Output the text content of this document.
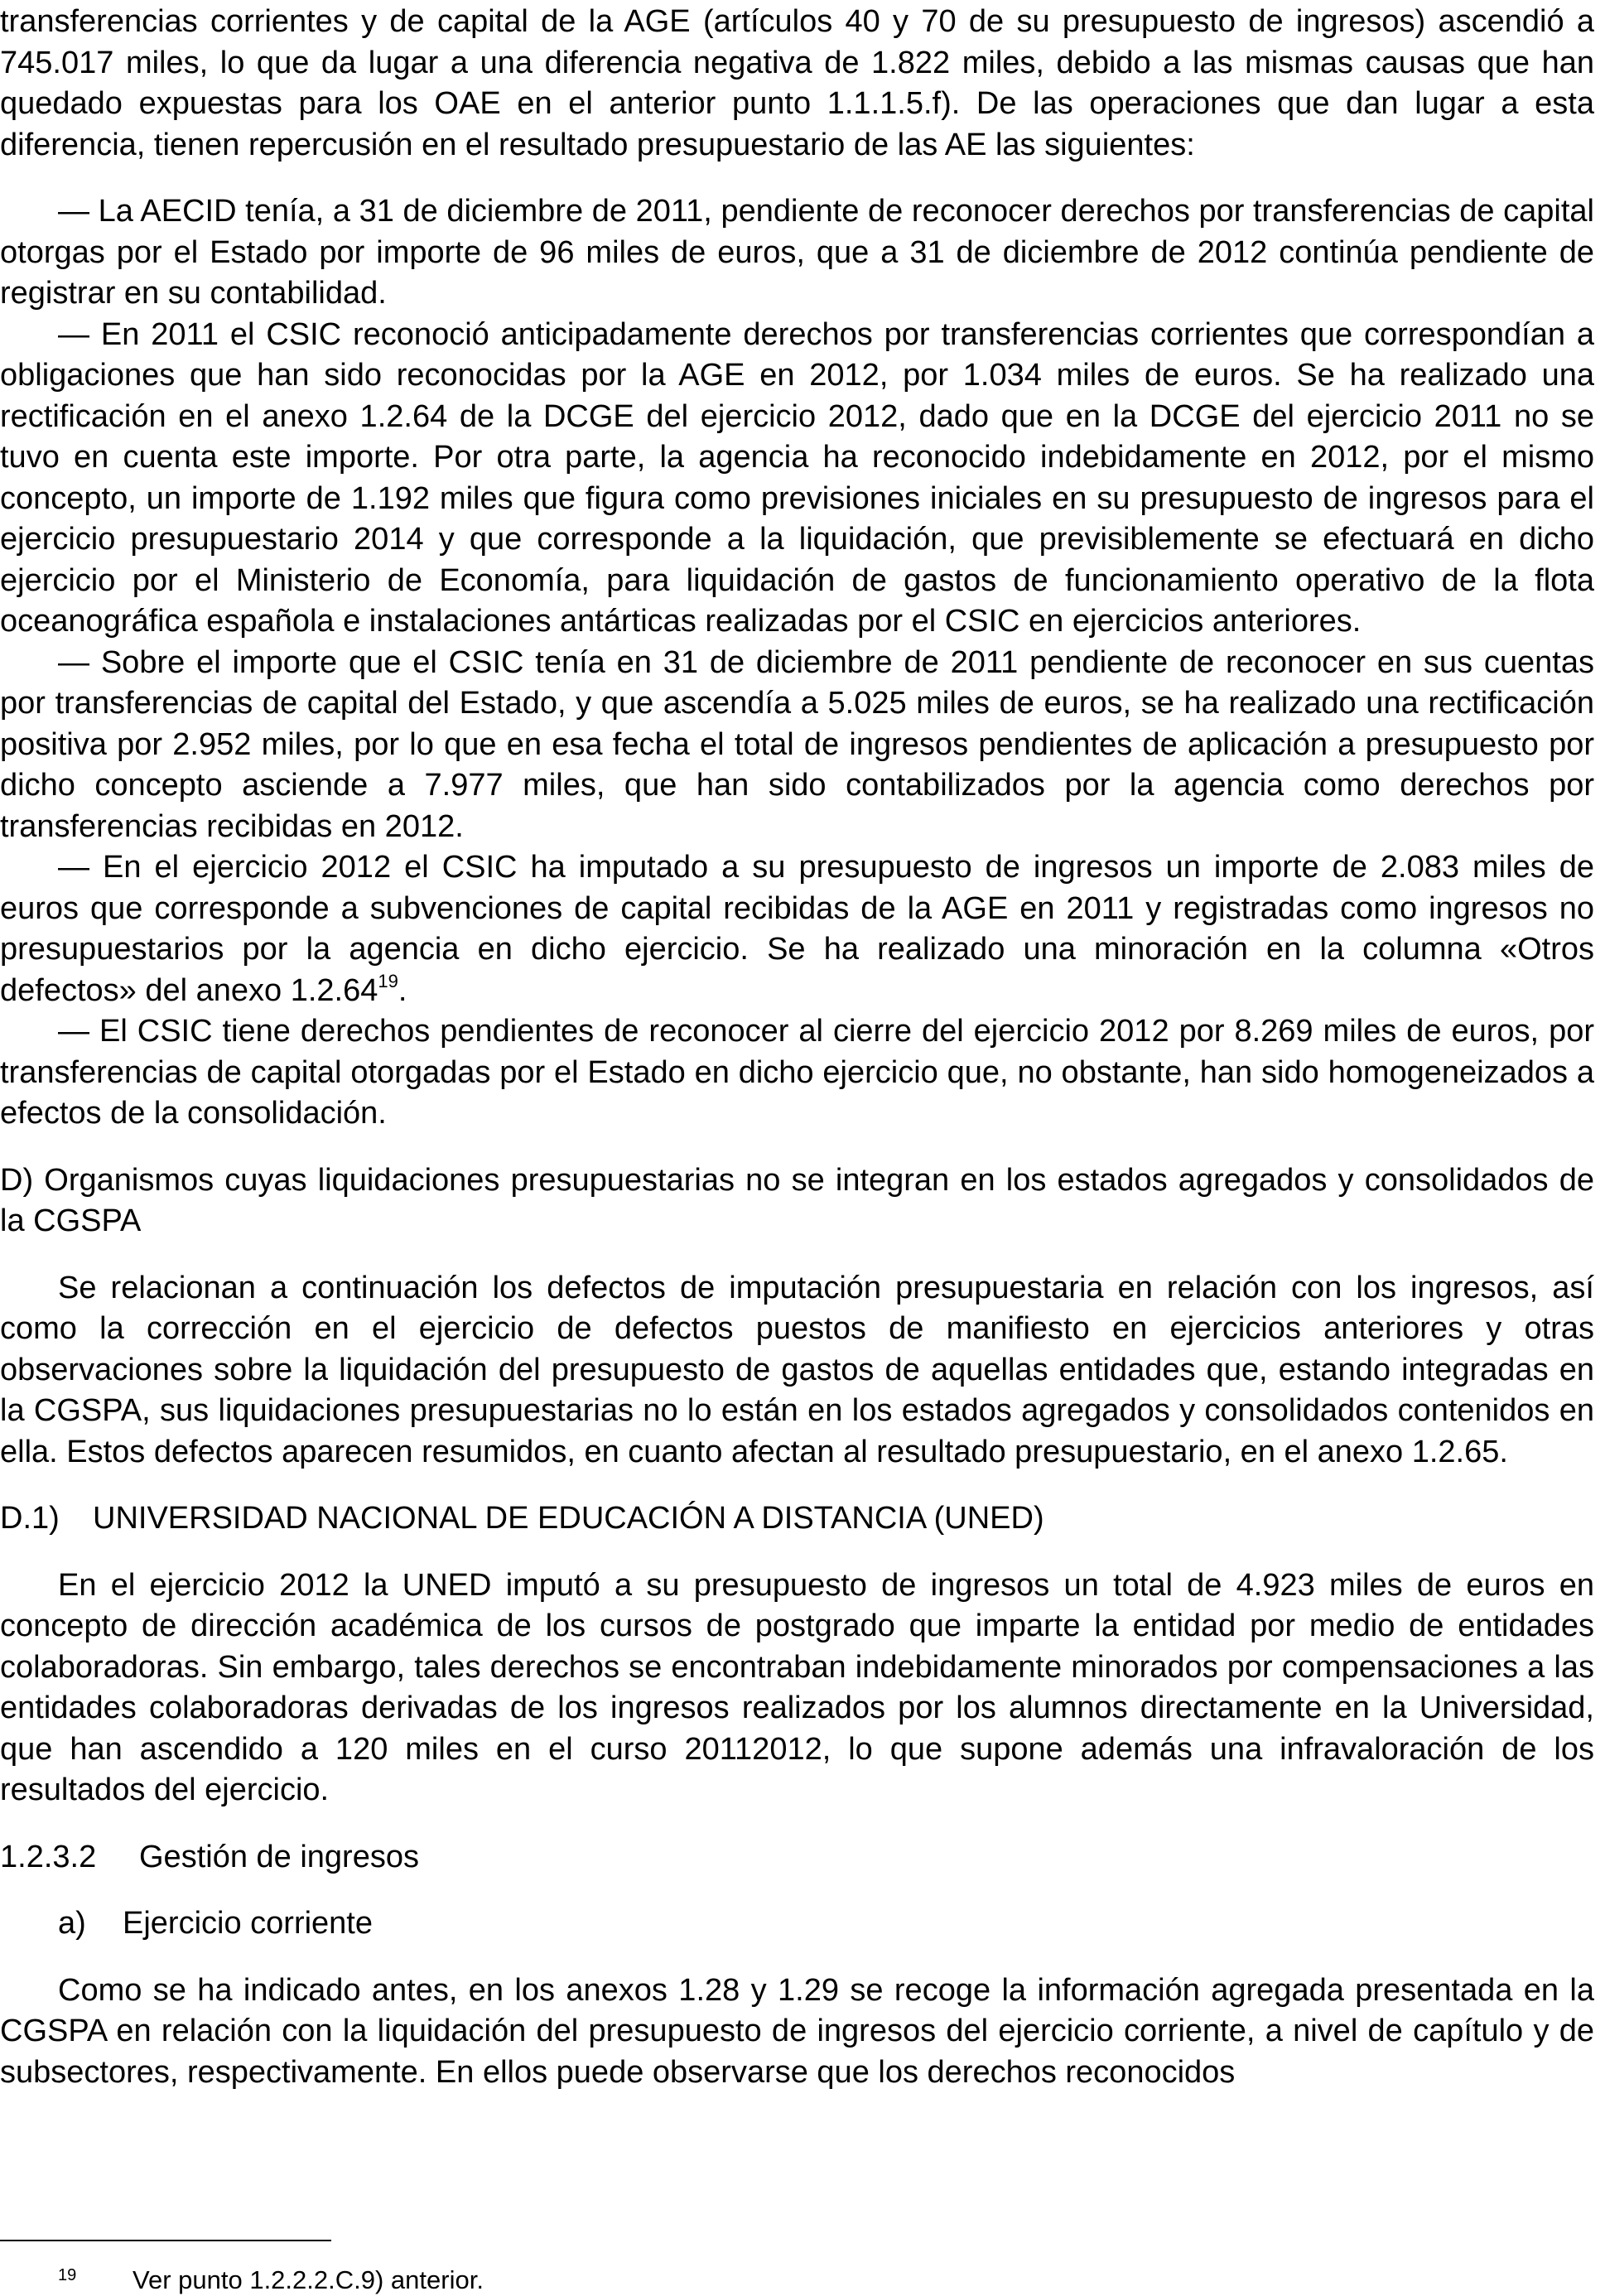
transferencias corrientes y de capital de la AGE (artículos 40 y 70 de su presupuesto de ingresos) ascendió a 745.017 miles, lo que da lugar a una diferencia negativa de 1.822 miles, debido a las mismas causas que han quedado expuestas para los OAE en el anterior punto 1.1.1.5.f). De las operaciones que dan lugar a esta diferencia, tienen repercusión en el resultado presupuestario de las AE las siguientes:

— La AECID tenía, a 31 de diciembre de 2011, pendiente de reconocer derechos por transferencias de capital otorgas por el Estado por importe de 96 miles de euros, que a 31 de diciembre de 2012 continúa pendiente de registrar en su contabilidad.

— En 2011 el CSIC reconoció anticipadamente derechos por transferencias corrientes que correspondían a obligaciones que han sido reconocidas por la AGE en 2012, por 1.034 miles de euros. Se ha realizado una rectificación en el anexo 1.2.64 de la DCGE del ejercicio 2012, dado que en la DCGE del ejercicio 2011 no se tuvo en cuenta este importe. Por otra parte, la agencia ha reconocido indebidamente en 2012, por el mismo concepto, un importe de 1.192 miles que figura como previsiones iniciales en su presupuesto de ingresos para el ejercicio presupuestario 2014 y que corresponde a la liquidación, que previsiblemente se efectuará en dicho ejercicio por el Ministerio de Economía, para liquidación de gastos de funcionamiento operativo de la flota oceanográfica española e instalaciones antárticas realizadas por el CSIC en ejercicios anteriores.

— Sobre el importe que el CSIC tenía en 31 de diciembre de 2011 pendiente de reconocer en sus cuentas por transferencias de capital del Estado, y que ascendía a 5.025 miles de euros, se ha realizado una rectificación positiva por 2.952 miles, por lo que en esa fecha el total de ingresos pendientes de aplicación a presupuesto por dicho concepto asciende a 7.977 miles, que han sido contabilizados por la agencia como derechos por transferencias recibidas en 2012.

— En el ejercicio 2012 el CSIC ha imputado a su presupuesto de ingresos un importe de 2.083 miles de euros que corresponde a subvenciones de capital recibidas de la AGE en 2011 y registradas como ingresos no presupuestarios por la agencia en dicho ejercicio. Se ha realizado una minoración en la columna «Otros defectos» del anexo 1.2.64$^{19}$.

— El CSIC tiene derechos pendientes de reconocer al cierre del ejercicio 2012 por 8.269 miles de euros, por transferencias de capital otorgadas por el Estado en dicho ejercicio que, no obstante, han sido homogeneizados a efectos de la consolidación.

D) Organismos cuyas liquidaciones presupuestarias no se integran en los estados agregados y consolidados de la CGSPA

Se relacionan a continuación los defectos de imputación presupuestaria en relación con los ingresos, así como la corrección en el ejercicio de defectos puestos de manifiesto en ejercicios anteriores y otras observaciones sobre la liquidación del presupuesto de gastos de aquellas entidades que, estando integradas en la CGSPA, sus liquidaciones presupuestarias no lo están en los estados agregados y consolidados contenidos en ella. Estos defectos aparecen resumidos, en cuanto afectan al resultado presupuestario, en el anexo 1.2.65.

D.1) UNIVERSIDAD NACIONAL DE EDUCACIÓN A DISTANCIA (UNED)

En el ejercicio 2012 la UNED imputó a su presupuesto de ingresos un total de 4.923 miles de euros en concepto de dirección académica de los cursos de postgrado que imparte la entidad por medio de entidades colaboradoras. Sin embargo, tales derechos se encontraban indebidamente minorados por compensaciones a las entidades colaboradoras derivadas de los ingresos realizados por los alumnos directamente en la Universidad, que han ascendido a 120 miles en el curso 20112012, lo que supone además una infravaloración de los resultados del ejercicio.

1.2.3.2 Gestión de ingresos

a) Ejercicio corriente

Como se ha indicado antes, en los anexos 1.28 y 1.29 se recoge la información agregada presentada en la CGSPA en relación con la liquidación del presupuesto de ingresos del ejercicio corriente, a nivel de capítulo y de subsectores, respectivamente. En ellos puede observarse que los derechos reconocidos

19 Ver punto 1.2.2.2.C.9) anterior.
